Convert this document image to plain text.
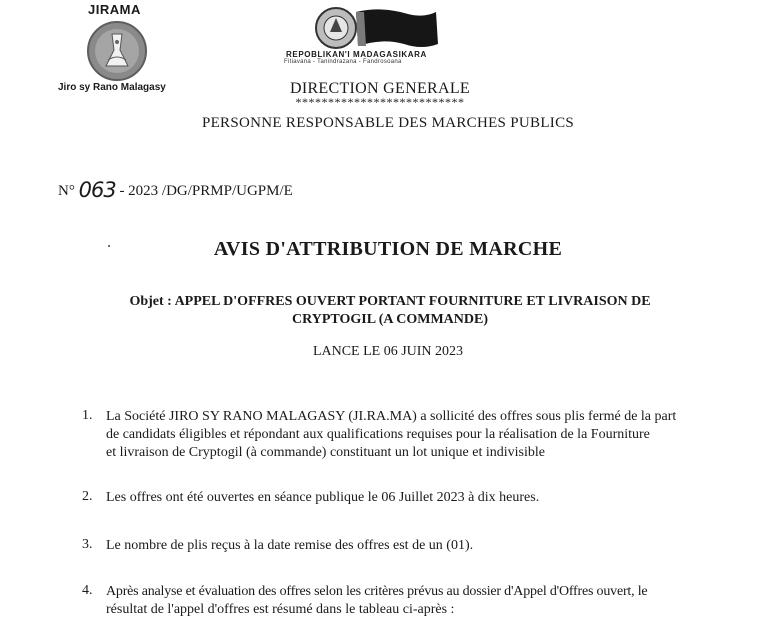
JIRAMA
Jiro sy Rano Malagasy
REPOBLIKAN'I MADAGASIKARA
Fitiavana - Tanindrazana - Fandrosoana
DIRECTION GENERALE
**************************
PERSONNE RESPONSABLE DES MARCHES PUBLICS
N° 063 - 2023 /DG/PRMP/UGPM/E
AVIS D'ATTRIBUTION DE MARCHE
Objet : APPEL D'OFFRES OUVERT PORTANT FOURNITURE ET LIVRAISON DE CRYPTOGIL (A COMMANDE)
LANCE LE 06 JUIN 2023
1. La Société JIRO SY RANO MALAGASY (JI.RA.MA) a sollicité des offres sous plis fermé de la part
de candidats éligibles et répondant aux qualifications requises pour la réalisation de la Fourniture
et livraison de Cryptogil (à commande) constituant un lot unique et indivisible
2. Les offres ont été ouvertes en séance publique le 06 Juillet 2023 à dix heures.
3. Le nombre de plis reçus à la date remise des offres est de un (01).
4. Après analyse et évaluation des offres selon les critères prévus au dossier d'Appel d'Offres ouvert, le
résultat de l'appel d'offres est résumé dans le tableau ci-après :
